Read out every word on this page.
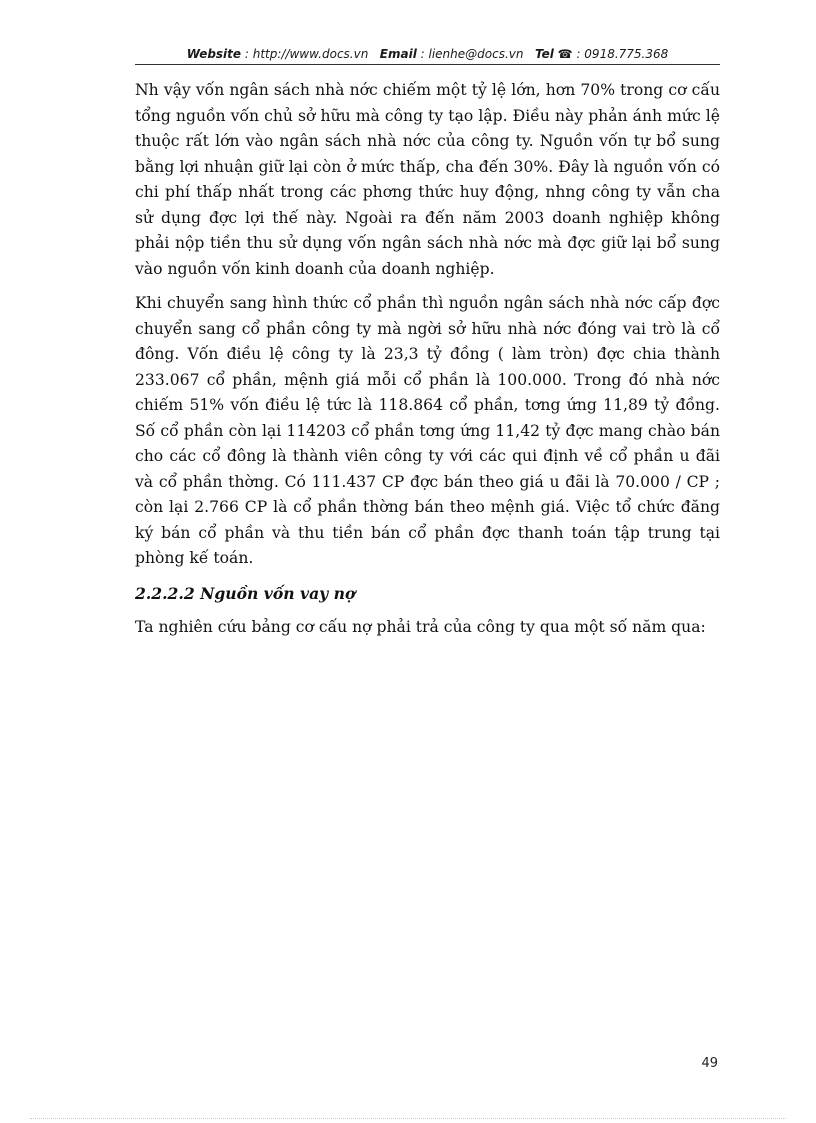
Website : http://www.docs.vn Email : lienhe@docs.vn Tel ☎ : 0918.775.368

Nh vậy vốn ngân sách nhà nớc chiếm một tỷ lệ lớn, hơn 70% trong cơ cấu tổng nguồn vốn chủ sở hữu mà công ty tạo lập. Điều này phản ánh mức lệ thuộc rất lớn vào ngân sách nhà nớc của công ty. Nguồn vốn tự bổ sung bằng lợi nhuận giữ lại còn ở mức thấp, cha đến 30%. Đây là nguồn vốn có chi phí thấp nhất trong các phơng thức huy động, nhng công ty vẫn cha sử dụng đợc lợi thế này. Ngoài ra đến năm 2003 doanh nghiệp không phải nộp tiền thu sử dụng vốn ngân sách nhà nớc mà đợc giữ lại bổ sung vào nguồn vốn kinh doanh của doanh nghiệp.

Khi chuyển sang hình thức cổ phần thì nguồn ngân sách nhà nớc cấp đợc chuyển sang cổ phần công ty mà ngời sở hữu nhà nớc đóng vai trò là cổ đông. Vốn điều lệ công ty là 23,3 tỷ đồng ( làm tròn) đợc chia thành 233.067 cổ phần, mệnh giá mỗi cổ phần là 100.000. Trong đó nhà nớc chiếm 51% vốn điều lệ tức là 118.864 cổ phần, tơng ứng 11,89 tỷ đồng. Số cổ phần còn lại 114203 cổ phần tơng ứng 11,42 tỷ đợc mang chào bán cho các cổ đông là thành viên công ty với các qui định về cổ phần u đãi và cổ phần thờng. Có 111.437 CP đợc bán theo giá u đãi là 70.000 / CP ; còn lại 2.766 CP là cổ phần thờng bán theo mệnh giá. Việc tổ chức đăng ký bán cổ phần và thu tiền bán cổ phần đợc thanh toán tập trung tại phòng kế toán.

2.2.2.2 Nguồn vốn vay nợ

Ta nghiên cứu bảng cơ cấu nợ phải trả của công ty qua một số năm qua:

49
